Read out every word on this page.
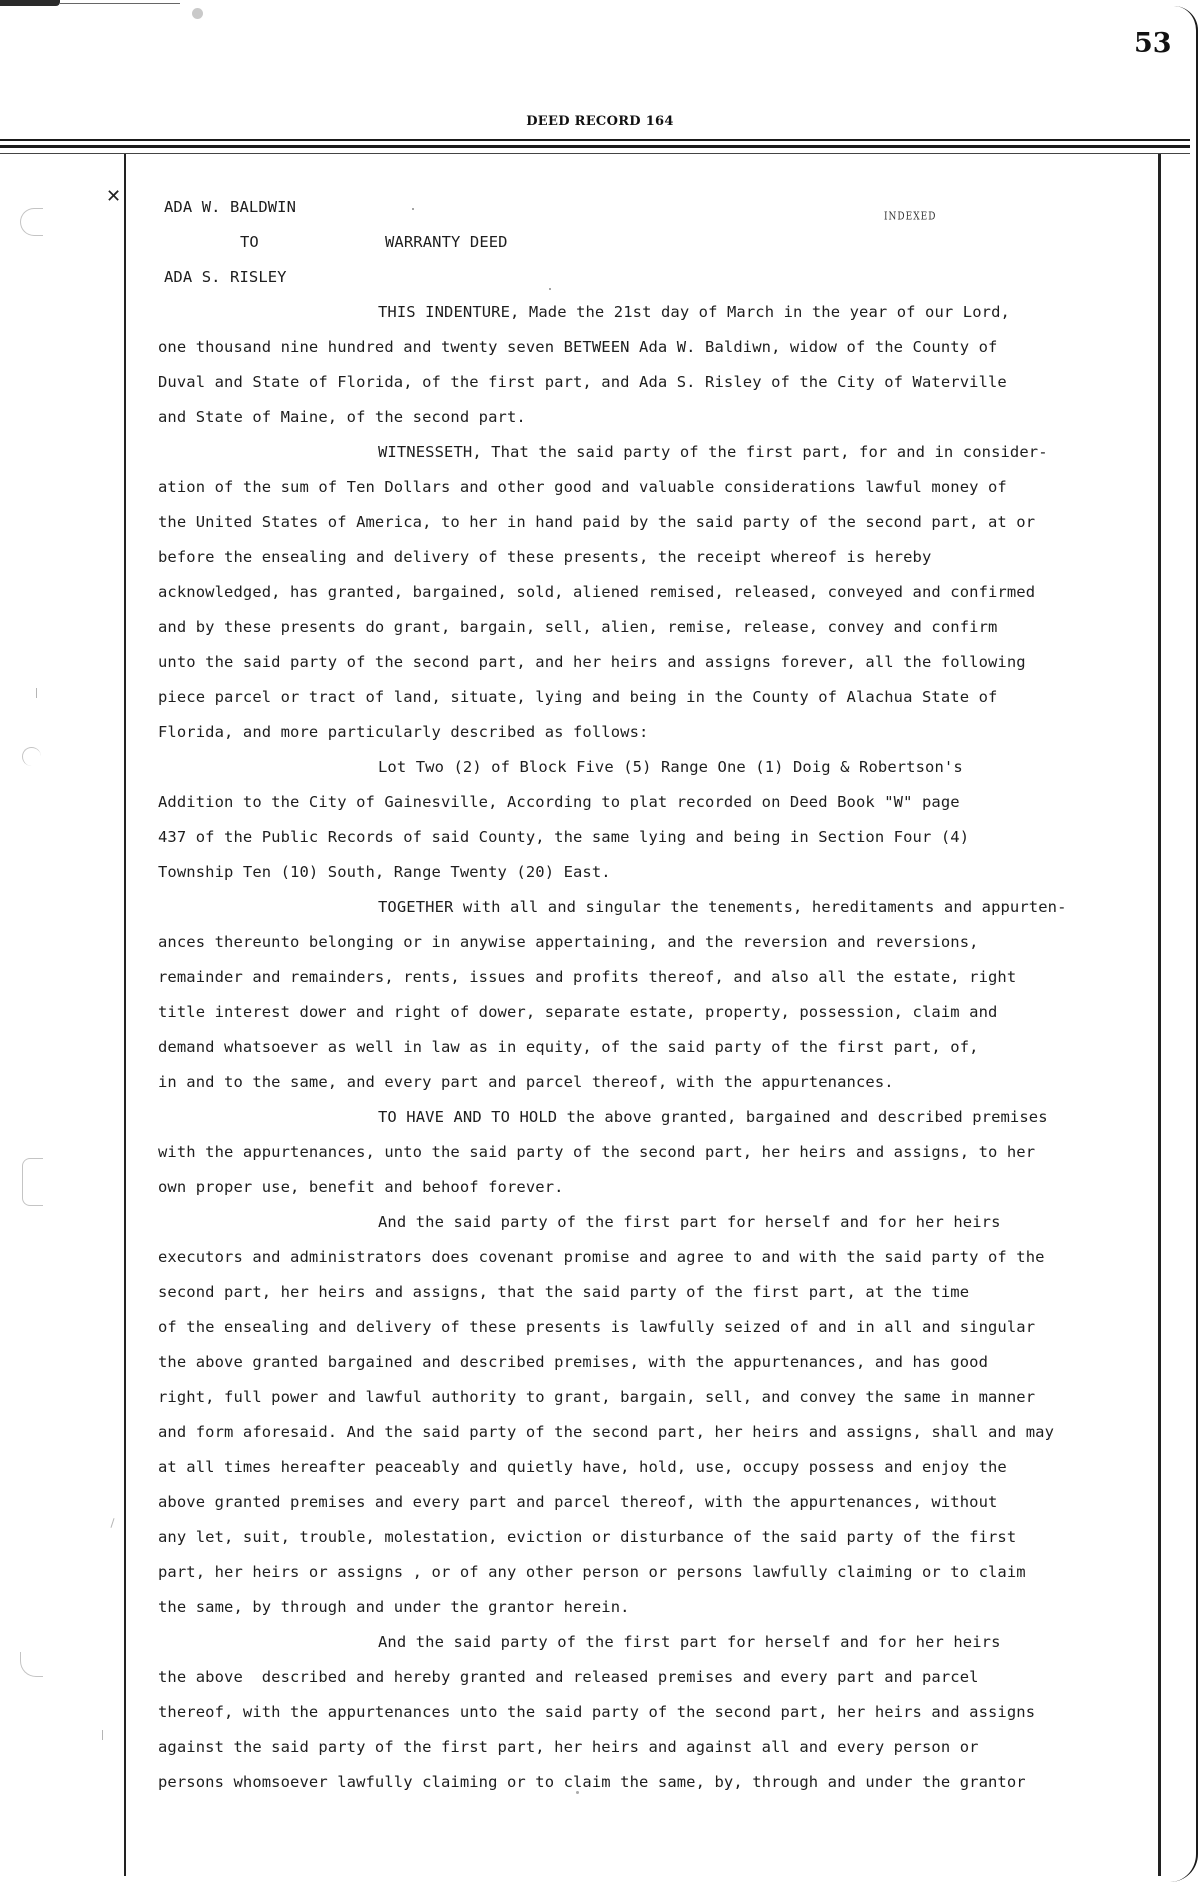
53
DEED RECORD 164
✕
INDEXED
ADA W. BALDWIN
TO	WARRANTY DEED
ADA S. RISLEY
THIS INDENTURE, Made the 21st day of March in the year of our Lord,
one thousand nine hundred and twenty seven BETWEEN Ada W. Baldiwn, widow of the County of
Duval and State of Florida, of the first part, and Ada S. Risley of the City of Waterville
and State of Maine, of the second part.
WITNESSETH, That the said party of the first part, for and in consider-
ation of the sum of Ten Dollars and other good and valuable considerations lawful money of
the United States of America, to her in hand paid by the said party of the second part, at or
before the ensealing and delivery of these presents, the receipt whereof is hereby
acknowledged, has granted, bargained, sold, aliened remised, released, conveyed and confirmed
and by these presents do grant, bargain, sell, alien, remise, release, convey and confirm
unto the said party of the second part, and her heirs and assigns forever, all the following
piece parcel or tract of land, situate, lying and being in the County of Alachua State of
Florida, and more particularly described as follows:
Lot Two (2) of Block Five (5) Range One (1) Doig & Robertson's
Addition to the City of Gainesville, According to plat recorded on Deed Book "W" page
437 of the Public Records of said County, the same lying and being in Section Four (4)
Township Ten (10) South, Range Twenty (20) East.
TOGETHER with all and singular the tenements, hereditaments and appurten-
ances thereunto belonging or in anywise appertaining, and the reversion and reversions,
remainder and remainders, rents, issues and profits thereof, and also all the estate, right
title interest dower and right of dower, separate estate, property, possession, claim and
demand whatsoever as well in law as in equity, of the said party of the first part, of,
in and to the same, and every part and parcel thereof, with the appurtenances.
TO HAVE AND TO HOLD the above granted, bargained and described premises
with the appurtenances, unto the said party of the second part, her heirs and assigns, to her
own proper use, benefit and behoof forever.
And the said party of the first part for herself and for her heirs
executors and administrators does covenant promise and agree to and with the said party of the
second part, her heirs and assigns, that the said party of the first part, at the time
of the ensealing and delivery of these presents is lawfully seized of and in all and singular
the above granted bargained and described premises, with the appurtenances, and has good
right, full power and lawful authority to grant, bargain, sell, and convey the same in manner
and form aforesaid. And the said party of the second part, her heirs and assigns, shall and may
at all times hereafter peaceably and quietly have, hold, use, occupy possess and enjoy the
above granted premises and every part and parcel thereof, with the appurtenances, without
any let, suit, trouble, molestation, eviction or disturbance of the said party of the first
part, her heirs or assigns , or of any other person or persons lawfully claiming or to claim
the same, by through and under the grantor herein.
And the said party of the first part for herself and for her heirs
the above  described and hereby granted and released premises and every part and parcel
thereof, with the appurtenances unto the said party of the second part, her heirs and assigns
against the said party of the first part, her heirs and against all and every person or
persons whomsoever lawfully claiming or to claim the same, by, through and under the grantor
